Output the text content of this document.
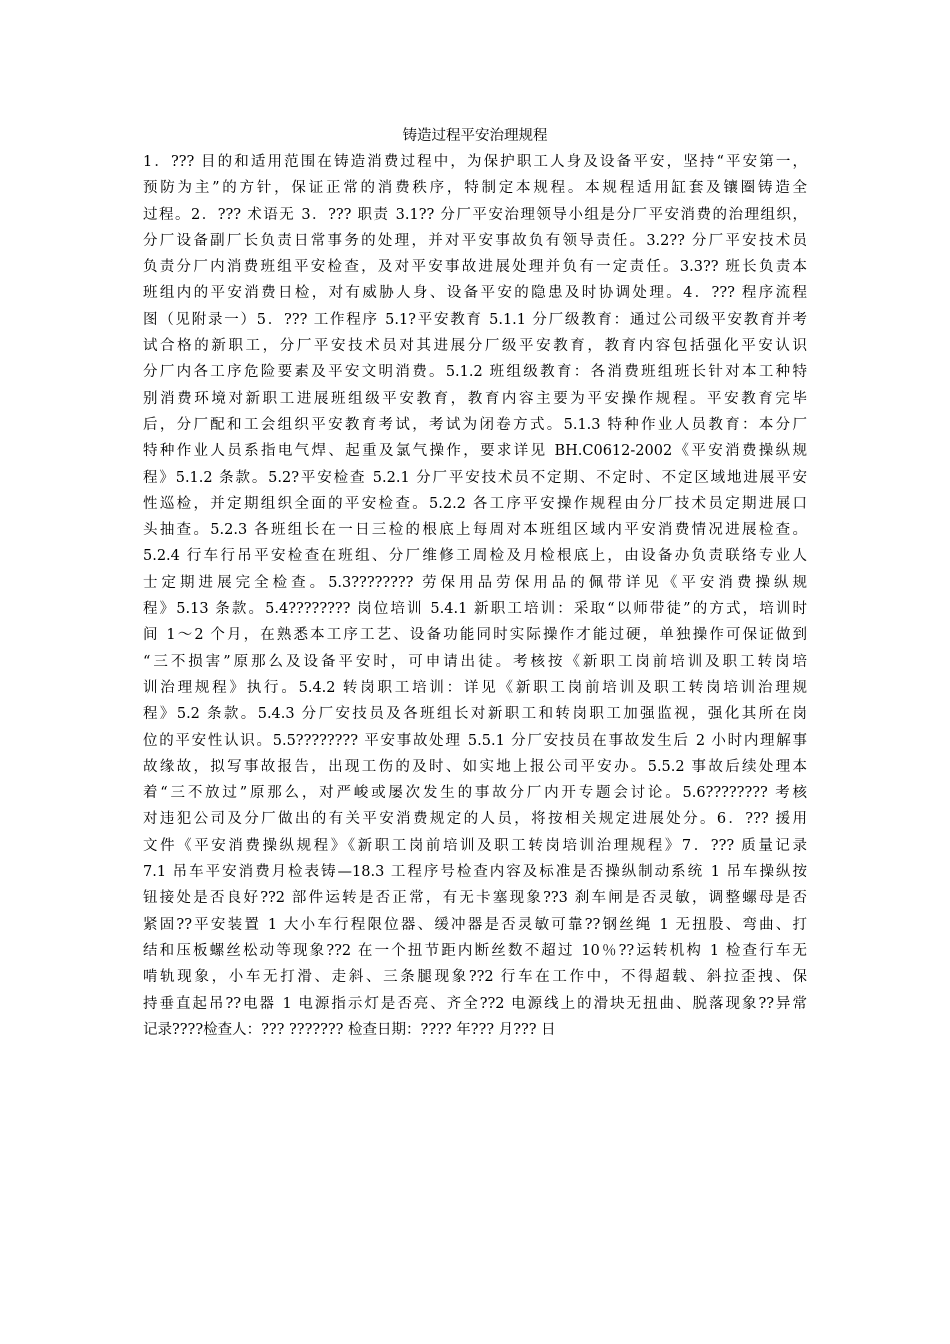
铸造过程平安治理规程
1．??? 目的和适用范围在铸造消费过程中，为保护职工人身及设备平安，坚持“平安第一，
预防为主”的方针，保证正常的消费秩序，特制定本规程。本规程适用缸套及镶圈铸造全
过程。2．??? 术语无 3．??? 职责 3.1?? 分厂平安治理领导小组是分厂平安消费的治理组织，
分厂设备副厂长负责日常事务的处理，并对平安事故负有领导责任。3.2?? 分厂平安技术员
负责分厂内消费班组平安检查，及对平安事故进展处理并负有一定责任。3.3?? 班长负责本
班组内的平安消费日检，对有威胁人身、设备平安的隐患及时协调处理。4．??? 程序流程
图（见附录一）5．??? 工作程序 5.1?平安教育 5.1.1 分厂级教育：通过公司级平安教育并考
试合格的新职工，分厂平安技术员对其进展分厂级平安教育，教育内容包括强化平安认识
分厂内各工序危险要素及平安文明消费。5.1.2 班组级教育：各消费班组班长针对本工种特
别消费环境对新职工进展班组级平安教育，教育内容主要为平安操作规程。平安教育完毕
后，分厂配和工会组织平安教育考试，考试为闭卷方式。5.1.3 特种作业人员教育：本分厂
特种作业人员系指电气焊、起重及氯气操作，要求详见 BH.C0612-2002《平安消费操纵规
程》5.1.2 条款。5.2?平安检查 5.2.1 分厂平安技术员不定期、不定时、不定区域地进展平安
性巡检，并定期组织全面的平安检查。5.2.2 各工序平安操作规程由分厂技术员定期进展口
头抽查。5.2.3 各班组长在一日三检的根底上每周对本班组区域内平安消费情况进展检查。
5.2.4 行车行吊平安检查在班组、分厂维修工周检及月检根底上，由设备办负责联络专业人
士定期进展完全检查。5.3???????? 劳保用品劳保用品的佩带详见《平安消费操纵规
程》5.13 条款。5.4???????? 岗位培训 5.4.1 新职工培训：采取“以师带徒”的方式，培训时
间 1～2 个月，在熟悉本工序工艺、设备功能同时实际操作才能过硬，单独操作可保证做到
“三不损害”原那么及设备平安时，可申请出徒。考核按《新职工岗前培训及职工转岗培
训治理规程》执行。5.4.2 转岗职工培训：详见《新职工岗前培训及职工转岗培训治理规
程》5.2 条款。5.4.3 分厂安技员及各班组长对新职工和转岗职工加强监视，强化其所在岗
位的平安性认识。5.5???????? 平安事故处理 5.5.1 分厂安技员在事故发生后 2 小时内理解事
故缘故，拟写事故报告，出现工伤的及时、如实地上报公司平安办。5.5.2 事故后续处理本
着“三不放过”原那么，对严峻或屡次发生的事故分厂内开专题会讨论。5.6???????? 考核
对违犯公司及分厂做出的有关平安消费规定的人员，将按相关规定进展处分。6．??? 援用
文件《平安消费操纵规程》《新职工岗前培训及职工转岗培训治理规程》7．??? 质量记录
7.1 吊车平安消费月检表铸—18.3 工程序号检查内容及标准是否操纵制动系统 1 吊车操纵按
钮接处是否良好??2 部件运转是否正常，有无卡塞现象??3 刹车闸是否灵敏，调整螺母是否
紧固??平安装置 1 大小车行程限位器、缓冲器是否灵敏可靠??钢丝绳 1 无扭股、弯曲、打
结和压板螺丝松动等现象??2 在一个扭节距内断丝数不超过 10％??运转机构 1 检查行车无
啃轨现象，小车无打滑、走斜、三条腿现象??2 行车在工作中，不得超载、斜拉歪拽、保
持垂直起吊??电器 1 电源指示灯是否亮、齐全??2 电源线上的滑块无扭曲、脱落现象??异常
记录????检查人：??? ??????? 检查日期：???? 年??? 月??? 日
